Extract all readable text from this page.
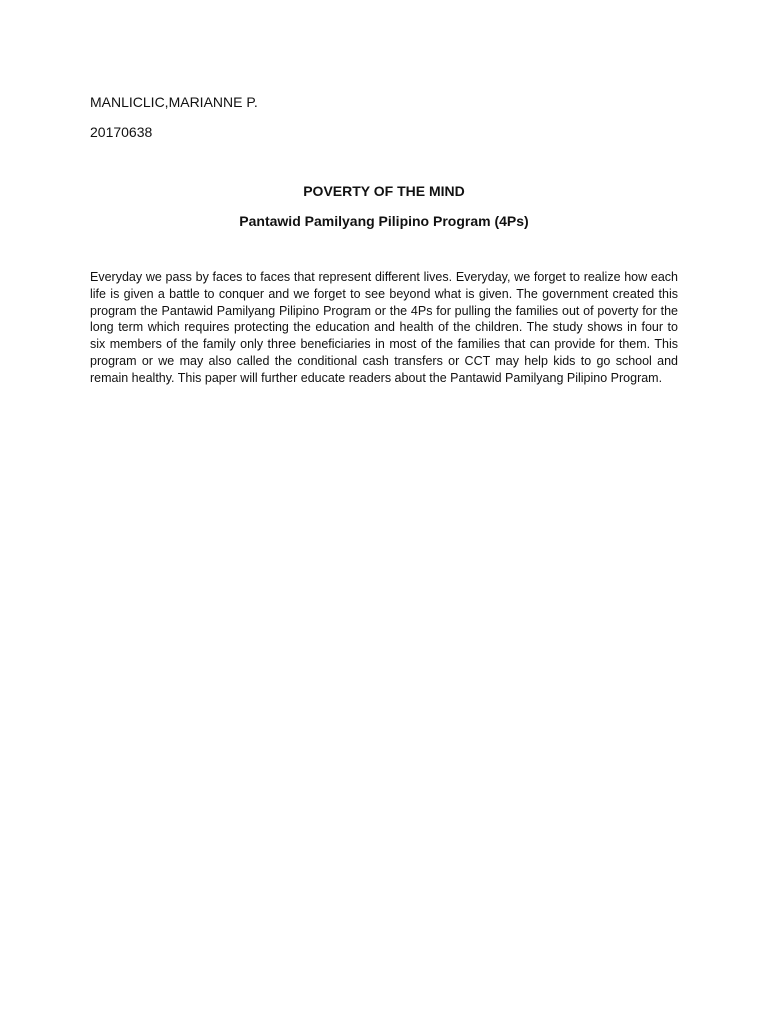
MANLICLIC,MARIANNE P.
20170638
POVERTY OF THE MIND
Pantawid Pamilyang Pilipino Program (4Ps)

Everyday we pass by faces to faces that represent different lives. Everyday, we forget to realize how each life is given a battle to conquer and we forget to see beyond what is given. The government created this program the Pantawid Pamilyang Pilipino Program or the 4Ps for pulling the families out of poverty for the long term which requires protecting the education and health of the children. The study shows in four to six members of the family only three beneficiaries in most of the families that can provide for them. This program or we may also called the conditional cash transfers or CCT may help kids to go school and remain healthy. This paper will further educate readers about the Pantawid Pamilyang Pilipino Program.
